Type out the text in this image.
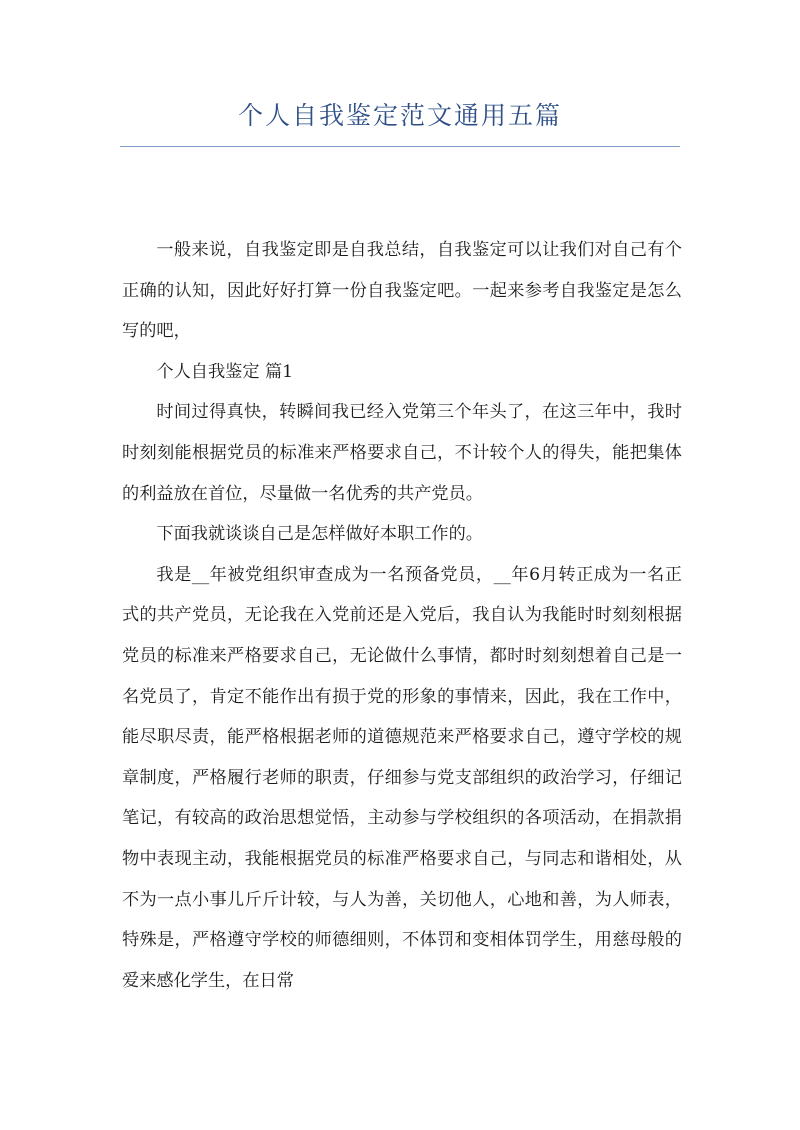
个人自我鉴定范文通用五篇

一般来说，自我鉴定即是自我总结，自我鉴定可以让我们对自己有个正确的认知，因此好好打算一份自我鉴定吧。一起来参考自我鉴定是怎么写的吧，

个人自我鉴定 篇1

时间过得真快，转瞬间我已经入党第三个年头了，在这三年中，我时时刻刻能根据党员的标准来严格要求自己，不计较个人的得失，能把集体的利益放在首位，尽量做一名优秀的共产党员。

下面我就谈谈自己是怎样做好本职工作的。

我是__年被党组织审查成为一名预备党员，__年6月转正成为一名正式的共产党员，无论我在入党前还是入党后，我自认为我能时时刻刻根据党员的标准来严格要求自己，无论做什么事情，都时时刻刻想着自己是一名党员了，肯定不能作出有损于党的形象的事情来，因此，我在工作中，能尽职尽责，能严格根据老师的道德规范来严格要求自己，遵守学校的规章制度，严格履行老师的职责，仔细参与党支部组织的政治学习，仔细记笔记，有较高的政治思想觉悟，主动参与学校组织的各项活动，在捐款捐物中表现主动，我能根据党员的标准严格要求自己，与同志和谐相处，从不为一点小事儿斤斤计较，与人为善，关切他人，心地和善，为人师表，特殊是，严格遵守学校的师德细则，不体罚和变相体罚学生，用慈母般的爱来感化学生，在日常
